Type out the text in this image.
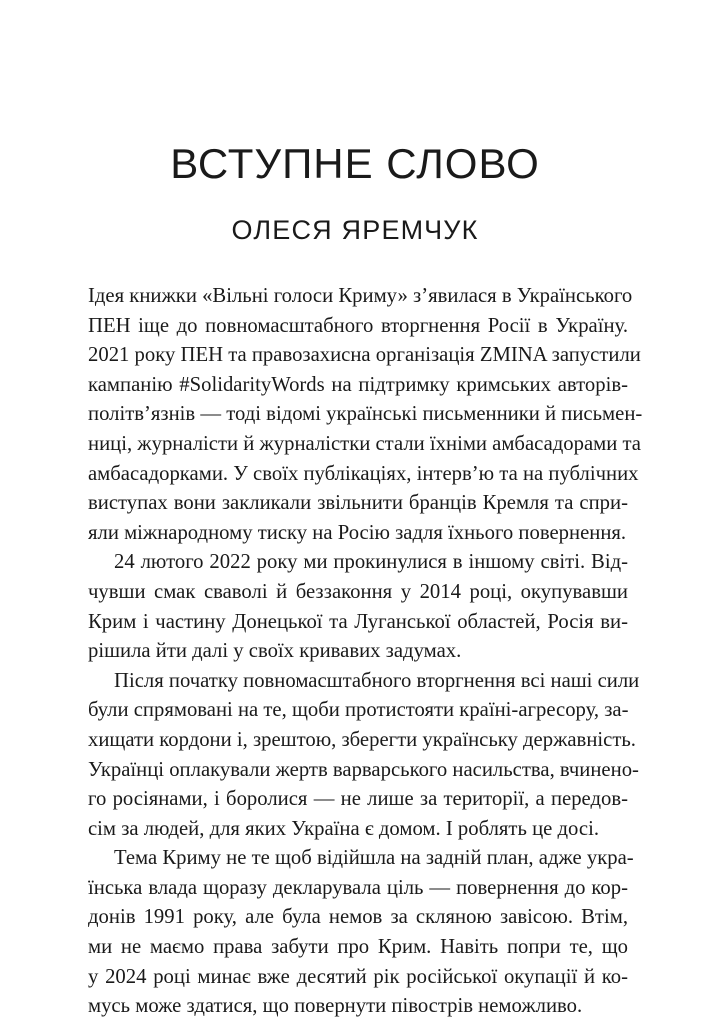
ВСТУПНЕ СЛОВО
ОЛЕСЯ ЯРЕМЧУК
Ідея книжки «Вільні голоси Криму» з’явилася в Українського
ПЕН іще до повномасштабного вторгнення Росії в Україну.
2021 року ПЕН та правозахисна організація ZMINA запустили
кампанію #SolidarityWords на підтримку кримських авторів-
політв’язнів — тоді відомі українські письменники й письмен-
ниці, журналісти й журналістки стали їхніми амбасадорами та
амбасадорками. У своїх публікаціях, інтерв’ю та на публічних
виступах вони закликали звільнити бранців Кремля та спри-
яли міжнародному тиску на Росію задля їхнього повернення.
24 лютого 2022 року ми прокинулися в іншому світі. Від-
чувши смак сваволі й беззаконня у 2014 році, окупувавши
Крим і частину Донецької та Луганської областей, Росія ви-
рішила йти далі у своїх кривавих задумах.
Після початку повномасштабного вторгнення всі наші сили
були спрямовані на те, щоби протистояти країні-агресору, за-
хищати кордони і, зрештою, зберегти українську державність.
Українці оплакували жертв варварського насильства, вчинено-
го росіянами, і боролися — не лише за території, а передов-
сім за людей, для яких Україна є домом. І роблять це досі.
Тема Криму не те щоб відійшла на задній план, адже укра-
їнська влада щоразу декларувала ціль — повернення до кор-
донів 1991 року, але була немов за скляною завісою. Втім,
ми не маємо права забути про Крим. Навіть попри те, що
у 2024 році минає вже десятий рік російської окупації й ко-
мусь може здатися, що повернути півострів неможливо.
